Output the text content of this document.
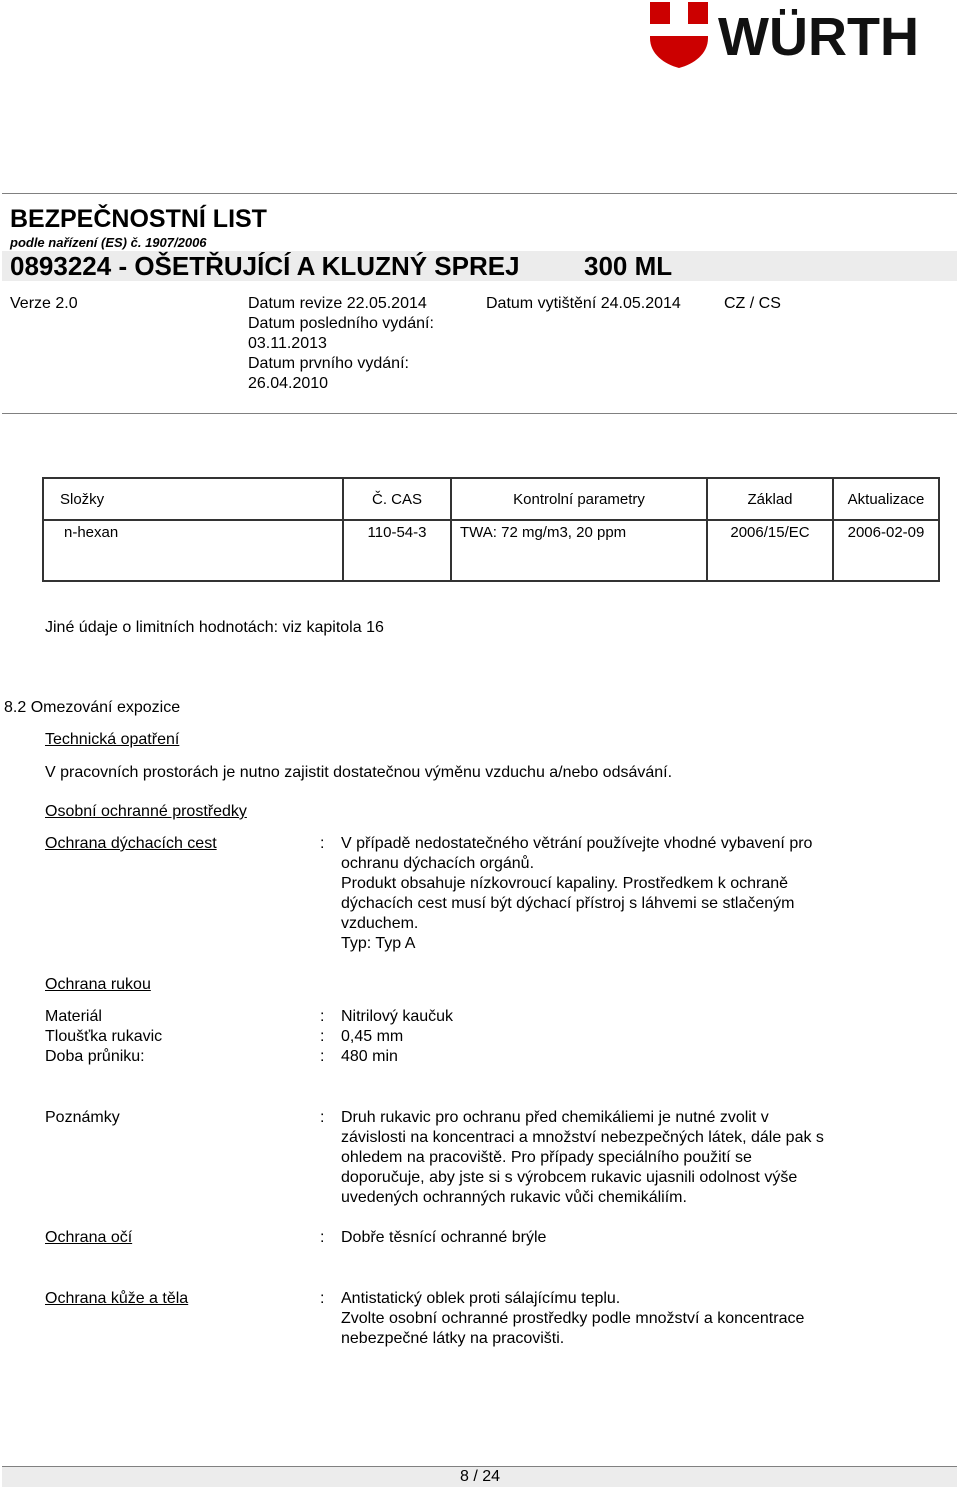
WÜRTH
BEZPEČNOSTNÍ LIST
podle nařízení (ES) č. 1907/2006
0893224 - OŠETŘUJÍCÍ A KLUZNÝ SPREJ 300 ML
Verze 2.0	Datum revize 22.05.2014
Datum posledního vydání:
03.11.2013
Datum prvního vydání:
26.04.2010
Datum vytištění 24.05.2014	CZ / CS
Složky	Č. CAS	Kontrolní parametry	Základ	Aktualizace
n-hexan	110-54-3	TWA: 72 mg/m3, 20 ppm	2006/15/EC	2006-02-09
Jiné údaje o limitních hodnotách: viz kapitola 16
8.2 Omezování expozice
Technická opatření
V pracovních prostorách je nutno zajistit dostatečnou výměnu vzduchu a/nebo odsávání.
Osobní ochranné prostředky
Ochrana dýchacích cest	: V případě nedostatečného větrání používejte vhodné vybavení pro
ochranu dýchacích orgánů.
Produkt obsahuje nízkovroucí kapaliny. Prostředkem k ochraně
dýchacích cest musí být dýchací přístroj s láhvemi se stlačeným
vzduchem.
Typ: Typ A
Ochrana rukou
Materiál	: Nitrilový kaučuk
Tloušťka rukavic	: 0,45 mm
Doba průniku:	: 480 min
Poznámky	: Druh rukavic pro ochranu před chemikáliemi je nutné zvolit v
závislosti na koncentraci a množství nebezpečných látek, dále pak s
ohledem na pracoviště. Pro případy speciálního použití se
doporučuje, aby jste si s výrobcem rukavic ujasnili odolnost výše
uvedených ochranných rukavic vůči chemikáliím.
Ochrana očí	: Dobře těsnící ochranné brýle
Ochrana kůže a těla	: Antistatický oblek proti sálajícímu teplu.
Zvolte osobní ochranné prostředky podle množství a koncentrace
nebezpečné látky na pracovišti.
8 / 24
